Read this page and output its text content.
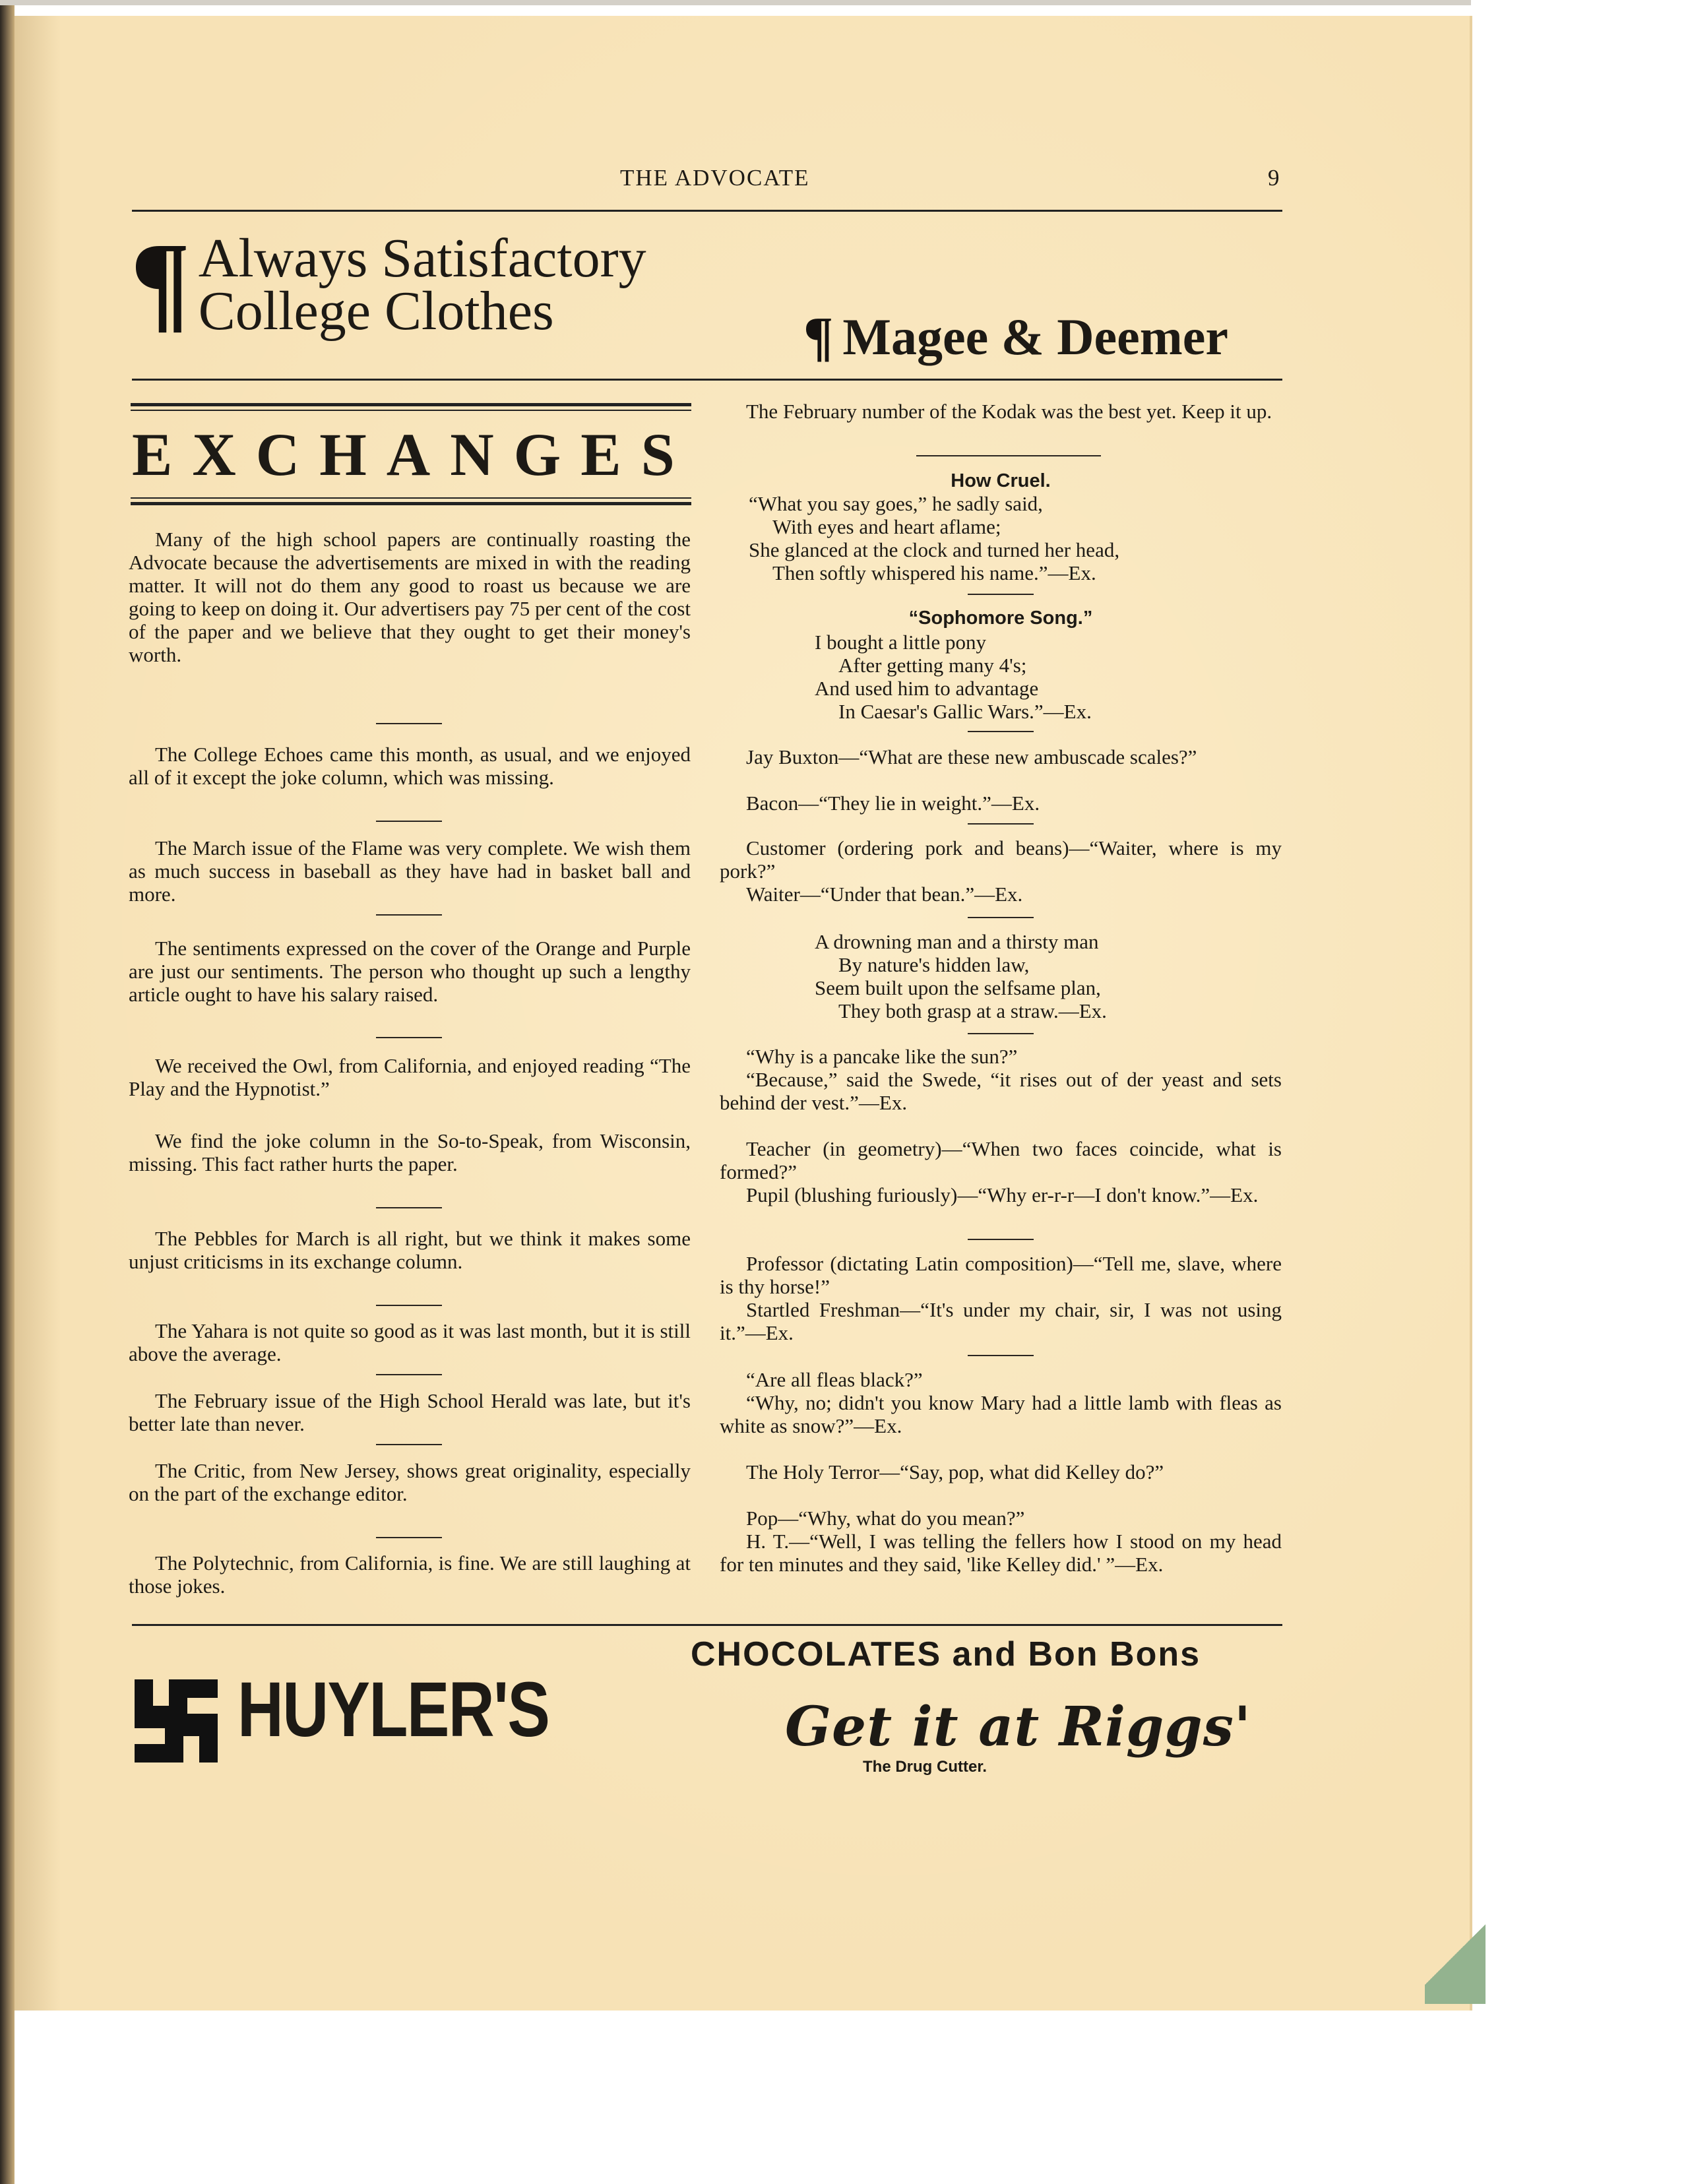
THE ADVOCATE	9
¶ Always Satisfactory
College Clothes	¶ Magee & Deemer
EXCHANGES

Many of the high school papers are continually roasting the Advocate because the advertisements are mixed in with the reading matter. It will not do them any good to roast us because we are going to keep on doing it. Our advertisers pay 75 per cent of the cost of the paper and we believe that they ought to get their money's worth.

The College Echoes came this month, as usual, and we enjoyed all of it except the joke column, which was missing.

The March issue of the Flame was very complete. We wish them as much success in baseball as they have had in basket ball and more.

The sentiments expressed on the cover of the Orange and Purple are just our sentiments. The person who thought up such a lengthy article ought to have his salary raised.

We received the Owl, from California, and enjoyed reading “The Play and the Hypnotist.”

We find the joke column in the So-to-Speak, from Wisconsin, missing. This fact rather hurts the paper.

The Pebbles for March is all right, but we think it makes some unjust criticisms in its exchange column.

The Yahara is not quite so good as it was last month, but it is still above the average.

The February issue of the High School Herald was late, but it's better late than never.

The Critic, from New Jersey, shows great originality, especially on the part of the exchange editor.

The Polytechnic, from California, is fine. We are still laughing at those jokes.

The February number of the Kodak was the best yet. Keep it up.

How Cruel.
“What you say goes,” he sadly said,
With eyes and heart aflame;
She glanced at the clock and turned her head,
Then softly whispered his name.”—Ex.
“Sophomore Song.”
I bought a little pony
After getting many 4's;
And used him to advantage
In Caesar's Gallic Wars.”—Ex.

Jay Buxton—“What are these new ambuscade scales?”

Bacon—“They lie in weight.”—Ex.

Customer (ordering pork and beans)—“Waiter, where is my pork?”

Waiter—“Under that bean.”—Ex.

A drowning man and a thirsty man
By nature's hidden law,
Seem built upon the selfsame plan,
They both grasp at a straw.—Ex.

“Why is a pancake like the sun?”

“Because,” said the Swede, “it rises out of der yeast and sets behind der vest.”—Ex.

Teacher (in geometry)—“When two faces coincide, what is formed?”

Pupil (blushing furiously)—“Why er-r-r—I don't know.”—Ex.

Professor (dictating Latin composition)—“Tell me, slave, where is thy horse!”

Startled Freshman—“It's under my chair, sir, I was not using it.”—Ex.

“Are all fleas black?”

“Why, no; didn't you know Mary had a little lamb with fleas as white as snow?”—Ex.

The Holy Terror—“Say, pop, what did Kelley do?”

Pop—“Why, what do you mean?”

H. T.—“Well, I was telling the fellers how I stood on my head for ten minutes and they said, 'like Kelley did.' ”—Ex.

HUYLER'S
CHOCOLATES and Bon Bons
Get it at Riggs'
The Drug Cutter.
